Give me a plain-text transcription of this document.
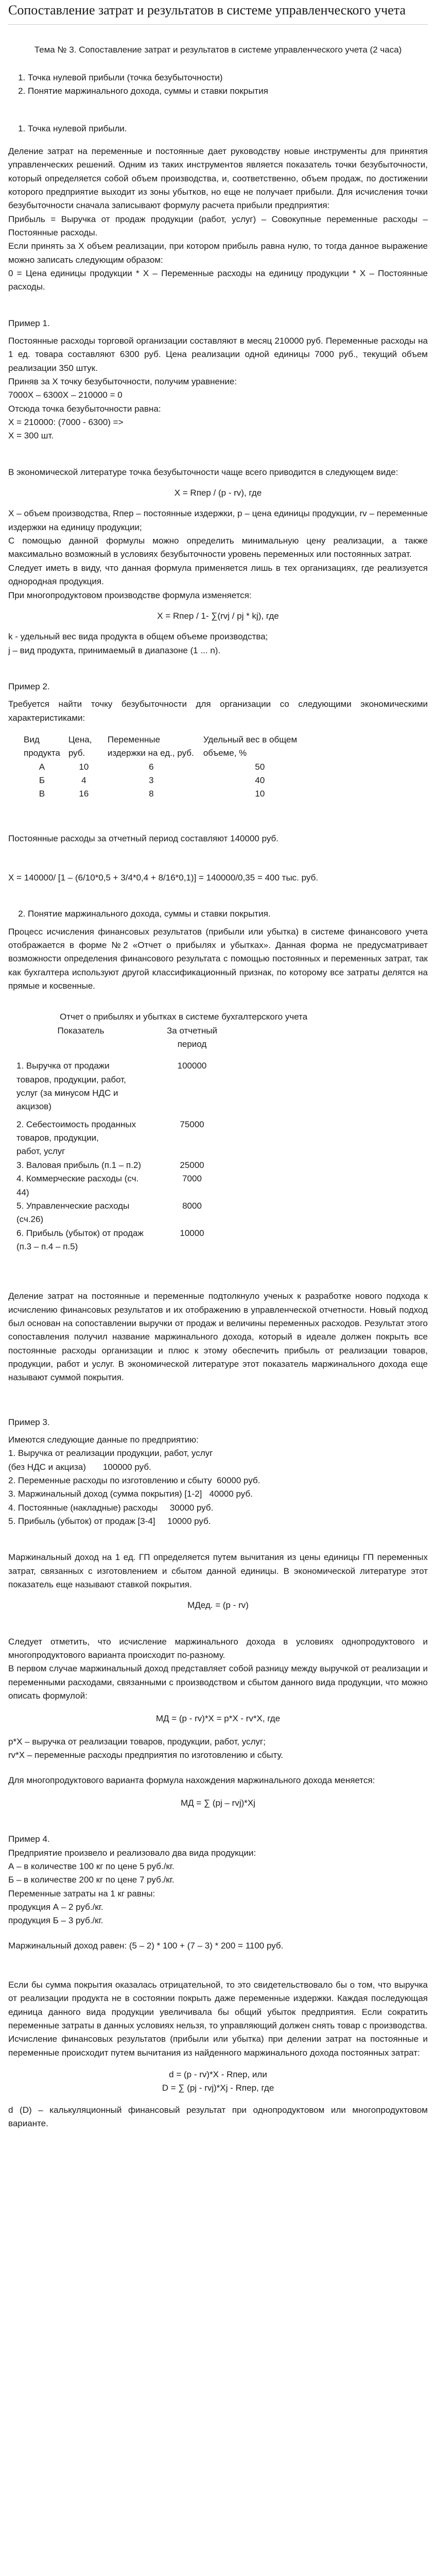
Сопоставление затрат и результатов в системе управленческого учета

Тема № 3. Сопоставление затрат и результатов в системе управленческого учета (2 часа)

1. Точка нулевой прибыли (точка безубыточности)
2. Понятие маржинального дохода, суммы и ставки покрытия
1. Точка нулевой прибыли.

Деление затрат на переменные и постоянные дает руководству новые инструменты для принятия управленческих решений. Одним из таких инструментов является показатель точки безубыточности, который определяется собой объем производства, и, соответственно, объем продаж, по достижении которого предприятие выходит из зоны убытков, но еще не получает прибыли. Для исчисления точки безубыточности сначала записывают формулу расчета прибыли предприятия:

Прибыль = Выручка от продаж продукции (работ, услуг) – Совокупные переменные расходы – Постоянные расходы.

Если принять за Х объем реализации, при котором прибыль равна нулю, то тогда данное выражение можно записать следующим образом:

0 = Цена единицы продукции * Х – Переменные расходы на единицу продукции * Х – Постоянные расходы.

Пример 1.

Постоянные расходы торговой организации составляют в месяц 210000 руб. Переменные расходы на 1 ед. товара составляют 6300 руб. Цена реализации одной единицы 7000 руб., текущий объем реализации 350 штук.

Приняв за Х точку безубыточности, получим уравнение:

7000Х – 6300Х – 210000 = 0

Отсюда точка безубыточности равна:

Х = 210000: (7000 - 6300) =>

Х = 300 шт.

В экономической литературе точка безубыточности чаще всего приводится в следующем виде:

X = Rпер / (p - rv), где

Х – объем производства, Rпер – постоянные издержки, p – цена единицы продукции, rv – переменные издержки на единицу продукции;

С помощью данной формулы можно определить минимальную цену реализации, а также максимально возможный в условиях безубыточности уровень переменных или постоянных затрат.

Следует иметь в виду, что данная формула применяется лишь в тех организациях, где реализуется однородная продукция.

При многопродуктовом производстве формула изменяется:

X = Rпер / 1- ∑(rvj / pj * kj), где

k - удельный вес вида продукта в общем объеме производства;

j – вид продукта, принимаемый в диапазоне (1 ... n).

Пример 2.

Требуется найти точку безубыточности для организации со следующими экономическими характеристиками:

Вид продукта	Цена, руб.	Переменные издержки на ед., руб.	Удельный вес в общем объеме, %
А	10	6	50
Б	4	3	40
В	16	8	10

Постоянные расходы за отчетный период составляют 140000 руб.

Х = 140000/ [1 – (6/10*0,5 + 3/4*0,4 + 8/16*0,1)] = 140000/0,35 = 400 тыс. руб.

2. Понятие маржинального дохода, суммы и ставки покрытия.

Процесс исчисления финансовых результатов (прибыли или убытка) в системе финансового учета отображается в форме №2 «Отчет о прибылях и убытках». Данная форма не предусматривает возможности определения финансового результата с помощью постоянных и переменных затрат, так как бухгалтера используют другой классификационный признак, по которому все затраты делятся на прямые и косвенные.

Отчет о прибылях и убытках в системе бухгалтерского учета

Показатель	За отчетный период

1. Выручка от продажи товаров, продукции, работ, услуг (за минусом НДС и акцизов)	100000

2. Себестоимость проданных товаров, продукции,	75000
работ, услуг	
3. Валовая прибыль (п.1 – п.2)	25000
4. Коммерческие расходы (сч. 44)	7000
5. Управленческие расходы (сч.26)	8000
6. Прибыль (убыток) от продаж (п.3 – п.4 – п.5)	10000

Деление затрат на постоянные и переменные подтолкнуло ученых к разработке нового подхода к исчислению финансовых результатов и их отображению в управленческой отчетности. Новый подход был основан на сопоставлении выручки от продаж и величины переменных расходов. Результат этого сопоставления получил название маржинального дохода, который в идеале должен покрыть все постоянные расходы организации и плюс к этому обеспечить прибыль от реализации товаров, продукции, работ и услуг. В экономической литературе этот показатель маржинального дохода еще называют суммой покрытия.

Пример 3.

Имеются следующие данные по предприятию:

1. Выручка от реализации продукции, работ, услуг

(без НДС и акциза)       100000 руб.

2. Переменные расходы по изготовлению и сбыту  60000 руб.

3. Маржинальный доход (сумма покрытия) [1-2]   40000 руб.

4. Постоянные (накладные) расходы     30000 руб.

5. Прибыль (убыток) от продаж [3-4]     10000 руб.

Маржинальный доход на 1 ед. ГП определяется путем вычитания из цены единицы ГП переменных затрат, связанных с изготовлением и сбытом данной единицы. В экономической литературе этот показатель еще называют ставкой покрытия.

МДед. = (p - rv)

Следует отметить, что исчисление маржинального дохода в условиях однопродуктового и многопродуктового варианта происходит по-разному.

В первом случае маржинальный доход представляет собой разницу между выручкой от реализации и переменными расходами, связанными с производством и сбытом данного вида продукции, что можно описать формулой:

МД = (p - rv)*X = p*X - rv*X, где

p*X – выручка от реализации товаров, продукции, работ, услуг;

rv*X – переменные расходы предприятия по изготовлению и сбыту.

Для многопродуктового варианта формула нахождения маржинального дохода меняется:

МД = ∑ (pj – rvj)*Xj

Пример 4.

Предприятие произвело и реализовало два вида продукции:

А – в количестве 100 кг по цене 5 руб./кг.

Б – в количестве 200 кг по цене 7 руб./кг.

Переменные затраты на 1 кг равны:

продукция А – 2 руб./кг.

продукция Б – 3 руб./кг.

Маржинальный доход равен: (5 – 2) * 100 + (7 – 3) * 200 = 1100 руб.

Если бы сумма покрытия оказалась отрицательной, то это свидетельствовало бы о том, что выручка от реализации продукта не в состоянии покрыть даже переменные издержки. Каждая последующая единица данного вида продукции увеличивала бы общий убыток предприятия. Если сократить переменные затраты в данных условиях нельзя, то управляющий должен снять товар с производства.

Исчисление финансовых результатов (прибыли или убытка) при делении затрат на постоянные и переменные происходит путем вычитания из найденного маржинального дохода постоянных затрат:

d = (p - rv)*X - Rпер, или

D = ∑ (pj - rvj)*Xj - Rпер, где

d (D) – калькуляционный финансовый результат при однопродуктовом или многопродуктовом варианте.
